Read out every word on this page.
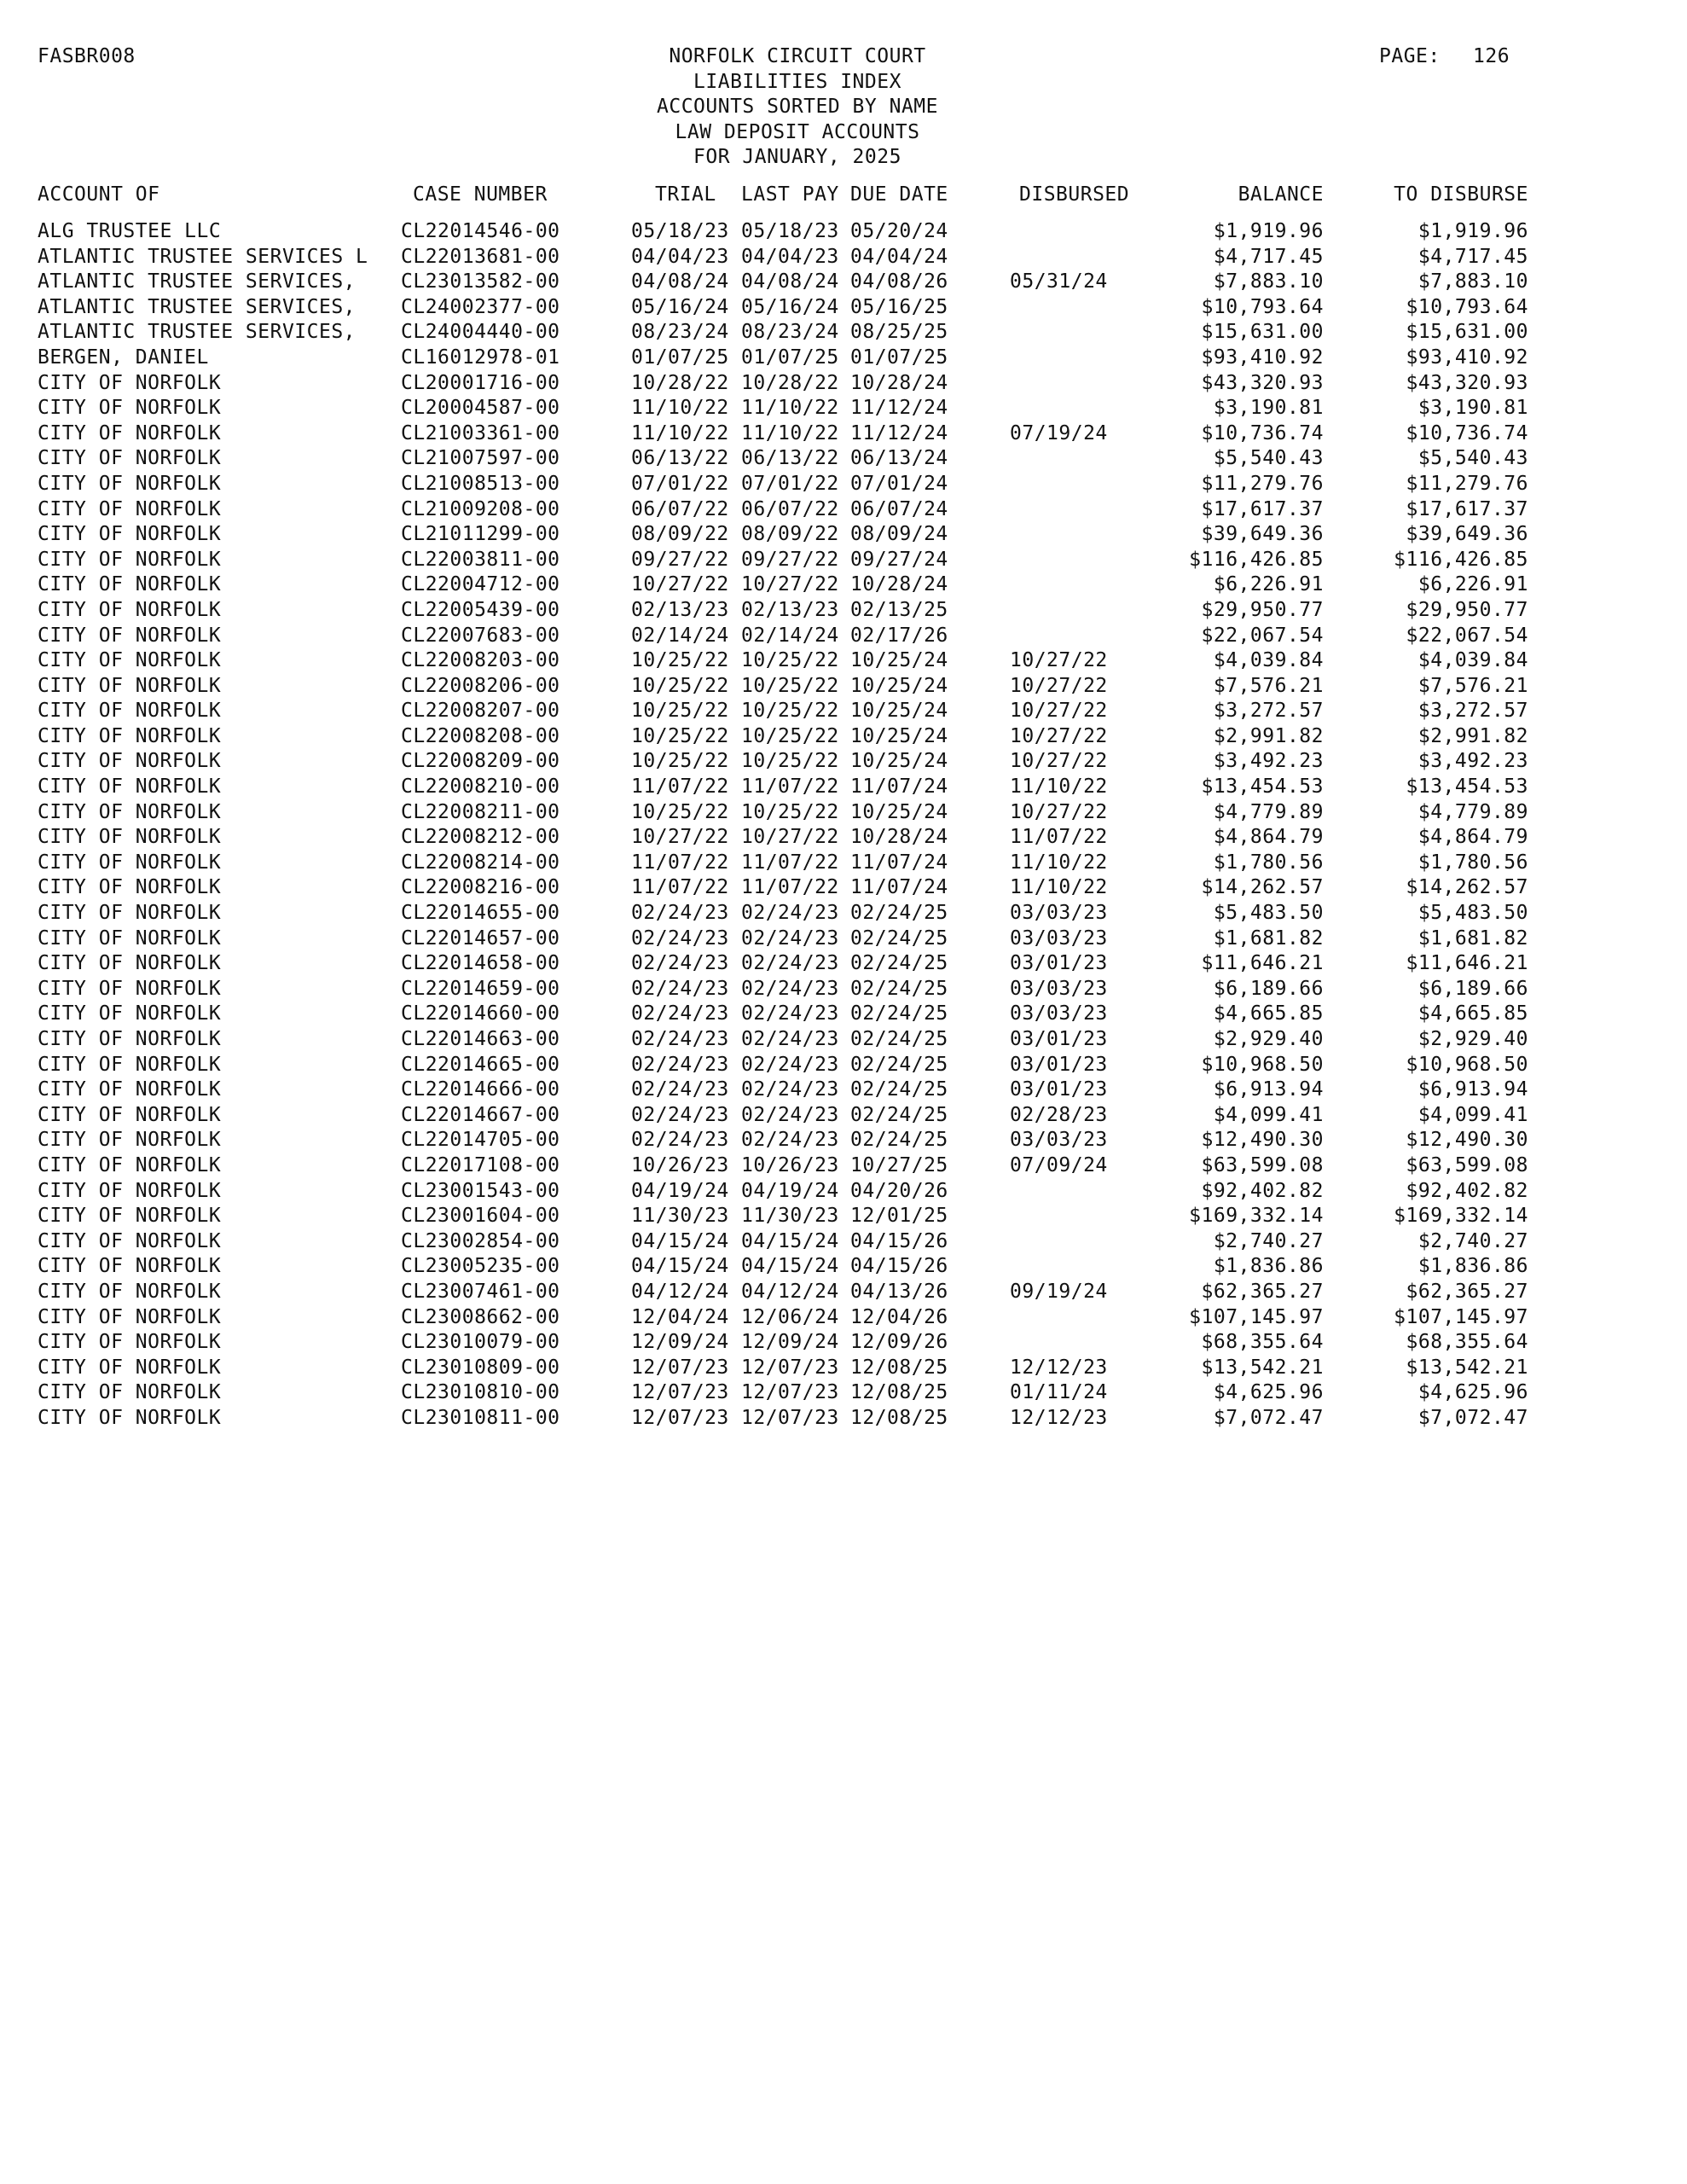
FASBR008	NORFOLK CIRCUIT COURT
LIABILITIES INDEX
ACCOUNTS SORTED BY NAME
LAW DEPOSIT ACCOUNTS
FOR JANUARY, 2025
PAGE: 126
ACCOUNT OF	CASE NUMBER	TRIAL LAST PAY DUE DATE	DISBURSED	BALANCE	TO DISBURSE
ALG TRUSTEE LLC	CL22014546-00	05/18/23 05/18/23 05/20/24	$1,919.96	$1,919.96
ATLANTIC TRUSTEE SERVICES L CL22013681-00	04/04/23 04/04/23 04/04/24	$4,717.45	$4,717.45
ATLANTIC TRUSTEE SERVICES, CL23013582-00	04/08/24 04/08/24 04/08/26	05/31/24	$7,883.10	$7,883.10
ATLANTIC TRUSTEE SERVICES, CL24002377-00	05/16/24 05/16/24 05/16/25	$10,793.64	$10,793.64
ATLANTIC TRUSTEE SERVICES, CL24004440-00	08/23/24 08/23/24 08/25/25	$15,631.00	$15,631.00
BERGEN, DANIEL	CL16012978-01	01/07/25 01/07/25 01/07/25	$93,410.92	$93,410.92
CITY OF NORFOLK	CL20001716-00	10/28/22 10/28/22 10/28/24	$43,320.93	$43,320.93
CITY OF NORFOLK	CL20004587-00	11/10/22 11/10/22 11/12/24	$3,190.81	$3,190.81
CITY OF NORFOLK	CL21003361-00	11/10/22 11/10/22 11/12/24	07/19/24	$10,736.74	$10,736.74
CITY OF NORFOLK	CL21007597-00	06/13/22 06/13/22 06/13/24	$5,540.43	$5,540.43
CITY OF NORFOLK	CL21008513-00	07/01/22 07/01/22 07/01/24	$11,279.76	$11,279.76
CITY OF NORFOLK	CL21009208-00	06/07/22 06/07/22 06/07/24	$17,617.37	$17,617.37
CITY OF NORFOLK	CL21011299-00	08/09/22 08/09/22 08/09/24	$39,649.36	$39,649.36
CITY OF NORFOLK	CL22003811-00	09/27/22 09/27/22 09/27/24	$116,426.85	$116,426.85
CITY OF NORFOLK	CL22004712-00	10/27/22 10/27/22 10/28/24	$6,226.91	$6,226.91
CITY OF NORFOLK	CL22005439-00	02/13/23 02/13/23 02/13/25	$29,950.77	$29,950.77
CITY OF NORFOLK	CL22007683-00	02/14/24 02/14/24 02/17/26	$22,067.54	$22,067.54
CITY OF NORFOLK	CL22008203-00	10/25/22 10/25/22 10/25/24	10/27/22	$4,039.84	$4,039.84
CITY OF NORFOLK	CL22008206-00	10/25/22 10/25/22 10/25/24	10/27/22	$7,576.21	$7,576.21
CITY OF NORFOLK	CL22008207-00	10/25/22 10/25/22 10/25/24	10/27/22	$3,272.57	$3,272.57
CITY OF NORFOLK	CL22008208-00	10/25/22 10/25/22 10/25/24	10/27/22	$2,991.82	$2,991.82
CITY OF NORFOLK	CL22008209-00	10/25/22 10/25/22 10/25/24	10/27/22	$3,492.23	$3,492.23
CITY OF NORFOLK	CL22008210-00	11/07/22 11/07/22 11/07/24	11/10/22	$13,454.53	$13,454.53
CITY OF NORFOLK	CL22008211-00	10/25/22 10/25/22 10/25/24	10/27/22	$4,779.89	$4,779.89
CITY OF NORFOLK	CL22008212-00	10/27/22 10/27/22 10/28/24	11/07/22	$4,864.79	$4,864.79
CITY OF NORFOLK	CL22008214-00	11/07/22 11/07/22 11/07/24	11/10/22	$1,780.56	$1,780.56
CITY OF NORFOLK	CL22008216-00	11/07/22 11/07/22 11/07/24	11/10/22	$14,262.57	$14,262.57
CITY OF NORFOLK	CL22014655-00	02/24/23 02/24/23 02/24/25	03/03/23	$5,483.50	$5,483.50
CITY OF NORFOLK	CL22014657-00	02/24/23 02/24/23 02/24/25	03/03/23	$1,681.82	$1,681.82
CITY OF NORFOLK	CL22014658-00	02/24/23 02/24/23 02/24/25	03/01/23	$11,646.21	$11,646.21
CITY OF NORFOLK	CL22014659-00	02/24/23 02/24/23 02/24/25	03/03/23	$6,189.66	$6,189.66
CITY OF NORFOLK	CL22014660-00	02/24/23 02/24/23 02/24/25	03/03/23	$4,665.85	$4,665.85
CITY OF NORFOLK	CL22014663-00	02/24/23 02/24/23 02/24/25	03/01/23	$2,929.40	$2,929.40
CITY OF NORFOLK	CL22014665-00	02/24/23 02/24/23 02/24/25	03/01/23	$10,968.50	$10,968.50
CITY OF NORFOLK	CL22014666-00	02/24/23 02/24/23 02/24/25	03/01/23	$6,913.94	$6,913.94
CITY OF NORFOLK	CL22014667-00	02/24/23 02/24/23 02/24/25	02/28/23	$4,099.41	$4,099.41
CITY OF NORFOLK	CL22014705-00	02/24/23 02/24/23 02/24/25	03/03/23	$12,490.30	$12,490.30
CITY OF NORFOLK	CL22017108-00	10/26/23 10/26/23 10/27/25	07/09/24	$63,599.08	$63,599.08
CITY OF NORFOLK	CL23001543-00	04/19/24 04/19/24 04/20/26	$92,402.82	$92,402.82
CITY OF NORFOLK	CL23001604-00	11/30/23 11/30/23 12/01/25	$169,332.14	$169,332.14
CITY OF NORFOLK	CL23002854-00	04/15/24 04/15/24 04/15/26	$2,740.27	$2,740.27
CITY OF NORFOLK	CL23005235-00	04/15/24 04/15/24 04/15/26	$1,836.86	$1,836.86
CITY OF NORFOLK	CL23007461-00	04/12/24 04/12/24 04/13/26	09/19/24	$62,365.27	$62,365.27
CITY OF NORFOLK	CL23008662-00	12/04/24 12/06/24 12/04/26	$107,145.97	$107,145.97
CITY OF NORFOLK	CL23010079-00	12/09/24 12/09/24 12/09/26	$68,355.64	$68,355.64
CITY OF NORFOLK	CL23010809-00	12/07/23 12/07/23 12/08/25	12/12/23	$13,542.21	$13,542.21
CITY OF NORFOLK	CL23010810-00	12/07/23 12/07/23 12/08/25	01/11/24	$4,625.96	$4,625.96
CITY OF NORFOLK	CL23010811-00	12/07/23 12/07/23 12/08/25	12/12/23	$7,072.47	$7,072.47
